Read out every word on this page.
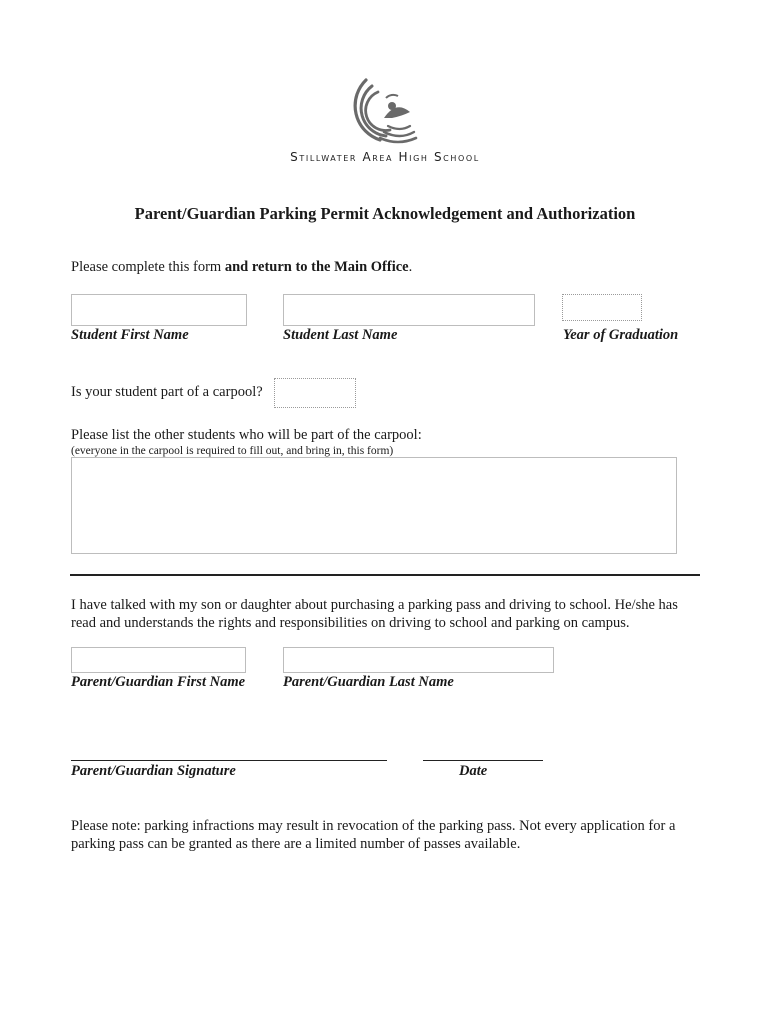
Stillwater Area High School
Parent/Guardian Parking Permit Acknowledgement and Authorization
Please complete this form and return to the Main Office.
Student First Name	Student Last Name	Year of Graduation
Is your student part of a carpool?
Please list the other students who will be part of the carpool:
(everyone in the carpool is required to fill out, and bring in, this form)
I have talked with my son or daughter about purchasing a parking pass and driving to school. He/she has read and understands the rights and responsibilities on driving to school and parking on campus.
Parent/Guardian First Name	Parent/Guardian Last Name
Parent/Guardian Signature	Date
Please note: parking infractions may result in revocation of the parking pass. Not every application for a parking pass can be granted as there are a limited number of passes available.
